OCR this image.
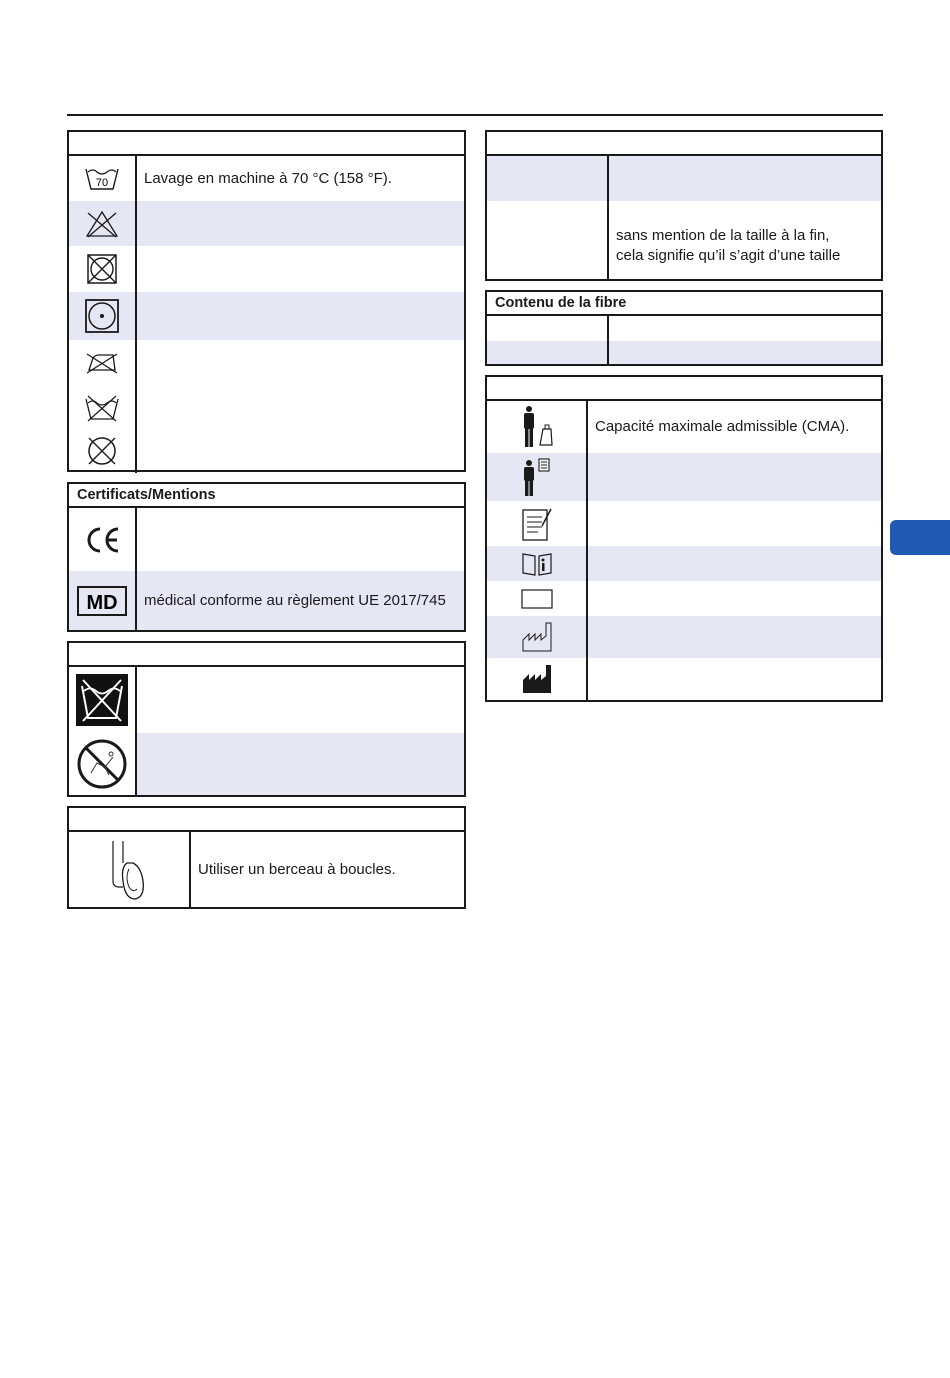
70	Lavage en machine à 70 °C (158 °F).
Certificats/Mentions
MD	médical conforme au règlement UE 2017/745
Utiliser un berceau à boucles.
sans mention de la taille à la fin,
cela signifie qu’il s’agit d’une taille
Contenu de la fibre
Capacité maximale admissible (CMA).
